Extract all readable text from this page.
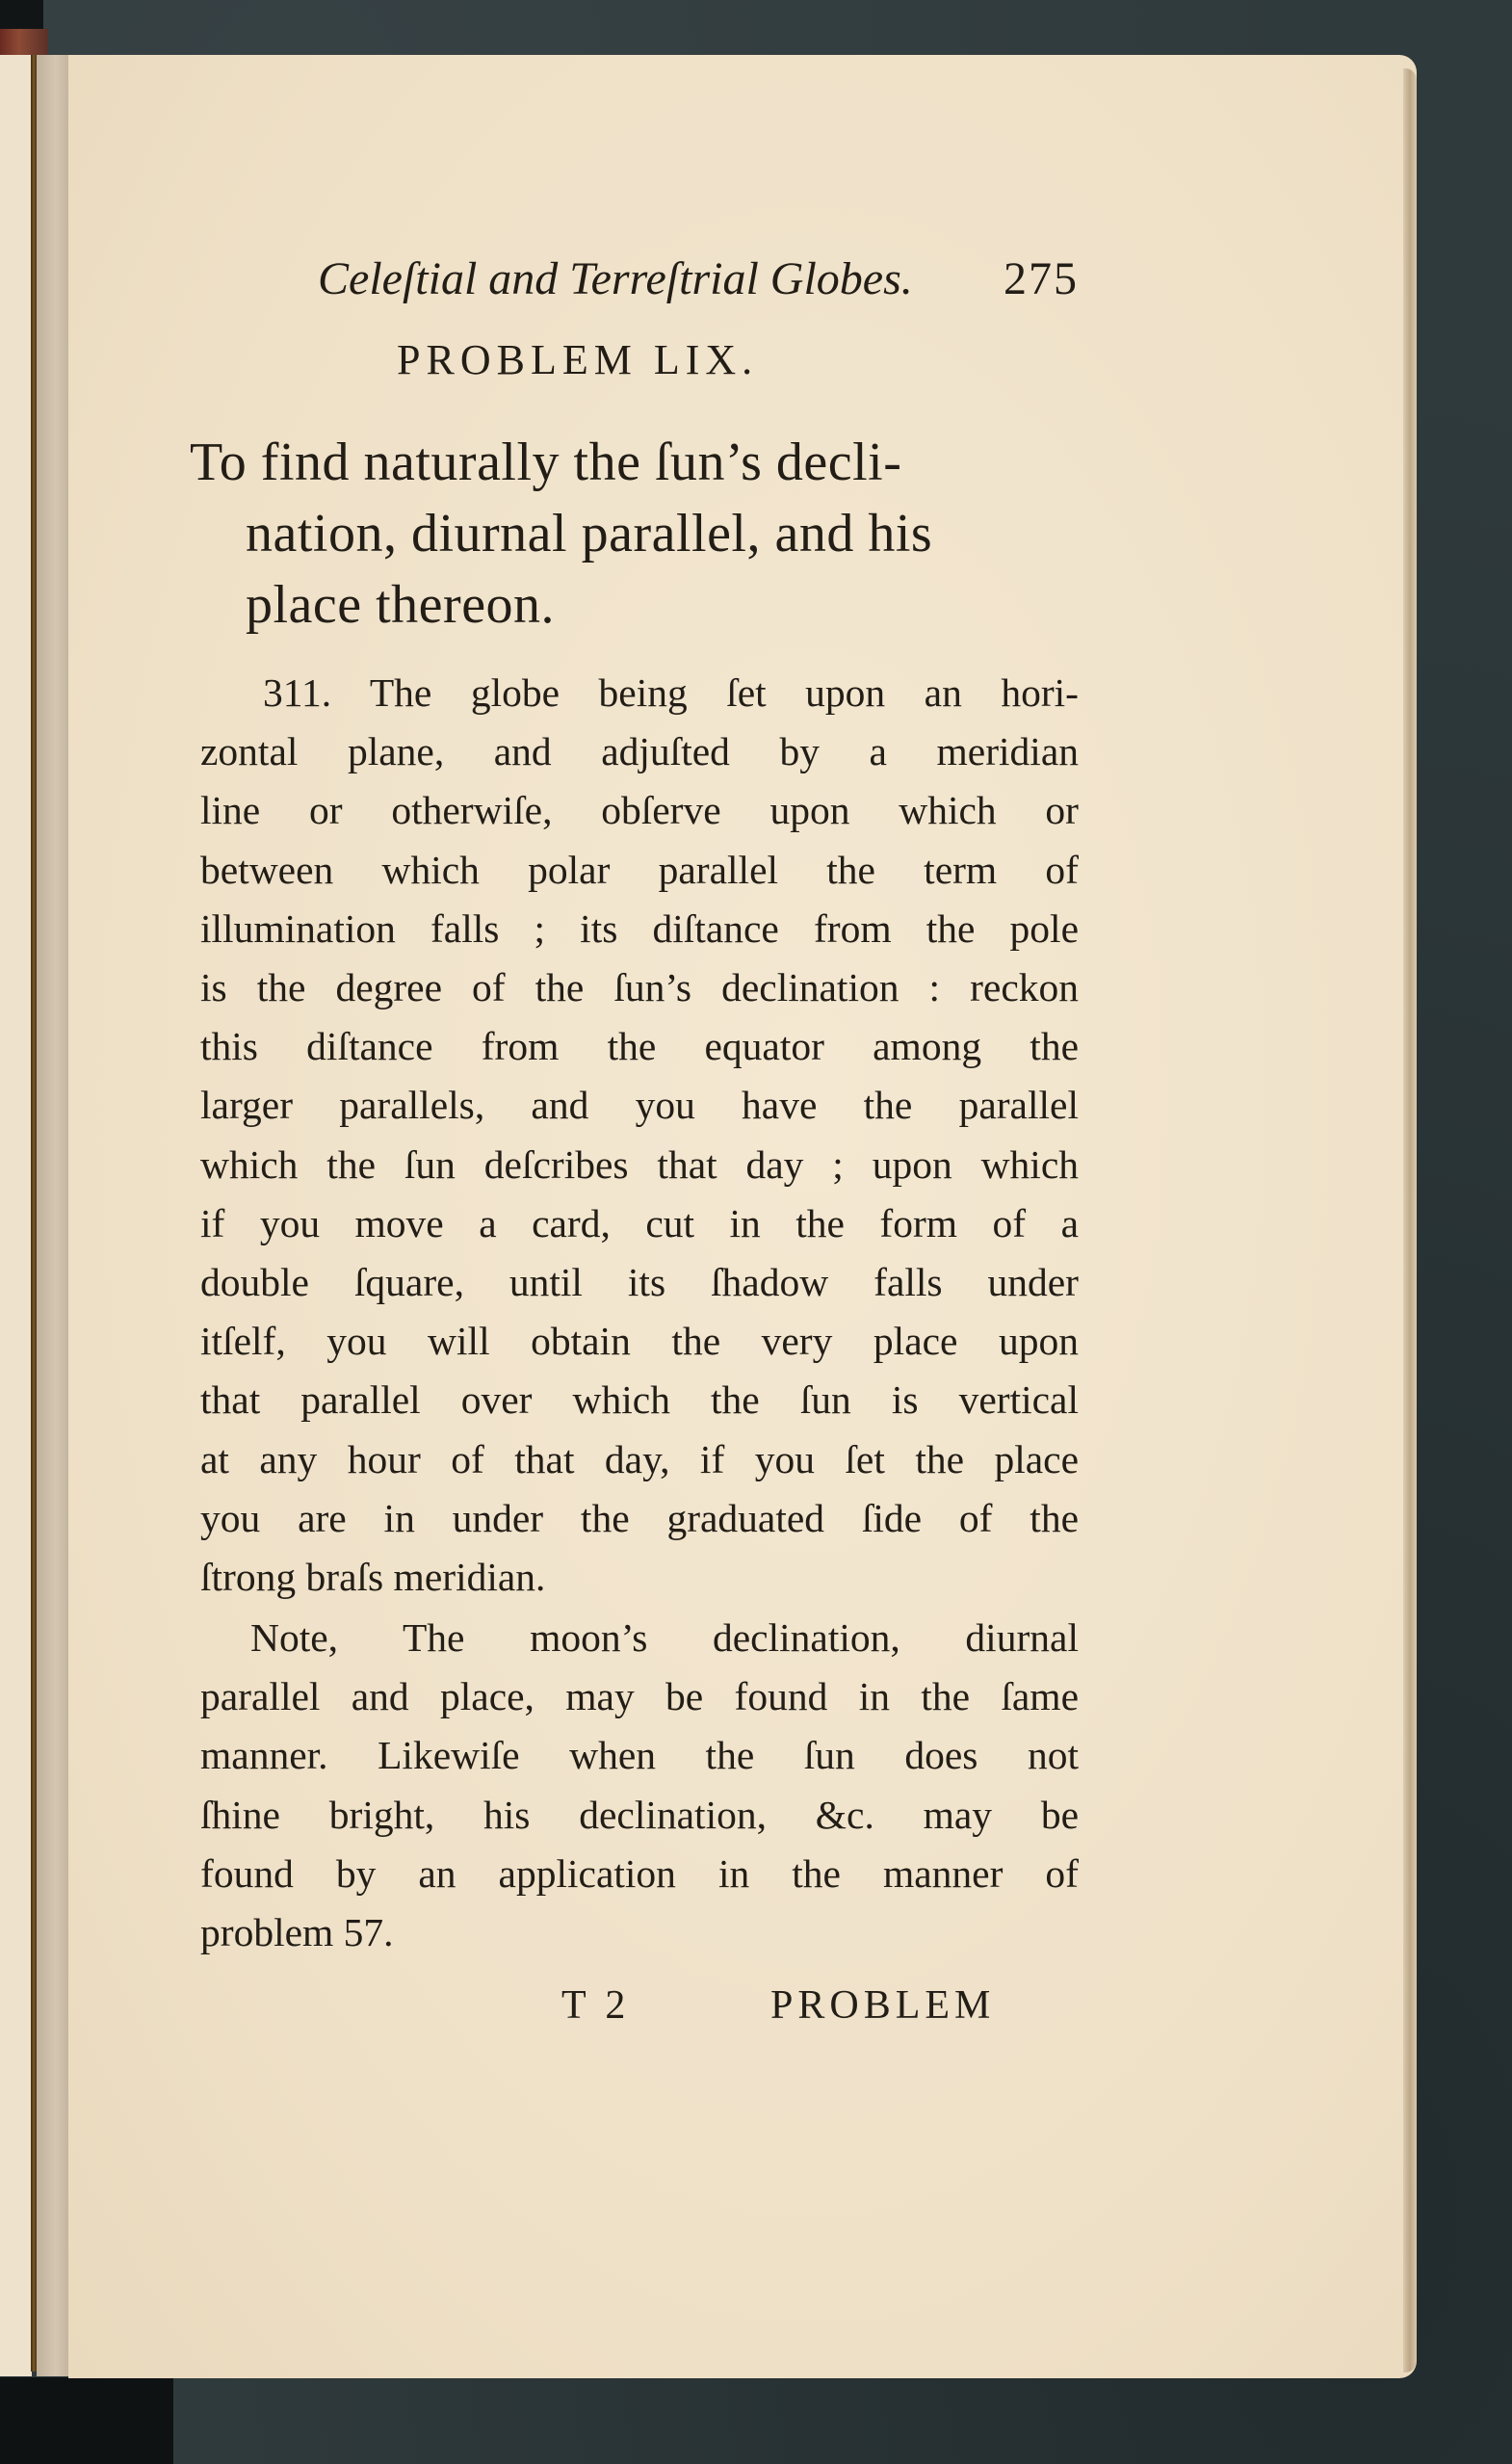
Celeſtial and Terreſtrial Globes. 275
PROBLEM LIX.
To find naturally the ſun’s decli-
nation, diurnal parallel, and his
place thereon.
311. The globe being ſet upon an hori-
zontal plane, and adjuſted by a meridian
line or otherwiſe, obſerve upon which or
between which polar parallel the term of
illumination falls ; its diſtance from the pole
is the degree of the ſun’s declination : reckon
this diſtance from the equator among the
larger parallels, and you have the parallel
which the ſun deſcribes that day ; upon which
if you move a card, cut in the form of a
double ſquare, until its ſhadow falls under
itſelf, you will obtain the very place upon
that parallel over which the ſun is vertical
at any hour of that day, if you ſet the place
you are in under the graduated ſide of the
ſtrong braſs meridian.
Note, The moon’s declination, diurnal
parallel and place, may be found in the ſame
manner. Likewiſe when the ſun does not
ſhine bright, his declination, &c. may be
found by an application in the manner of
problem 57.
T 2	PROBLEM
